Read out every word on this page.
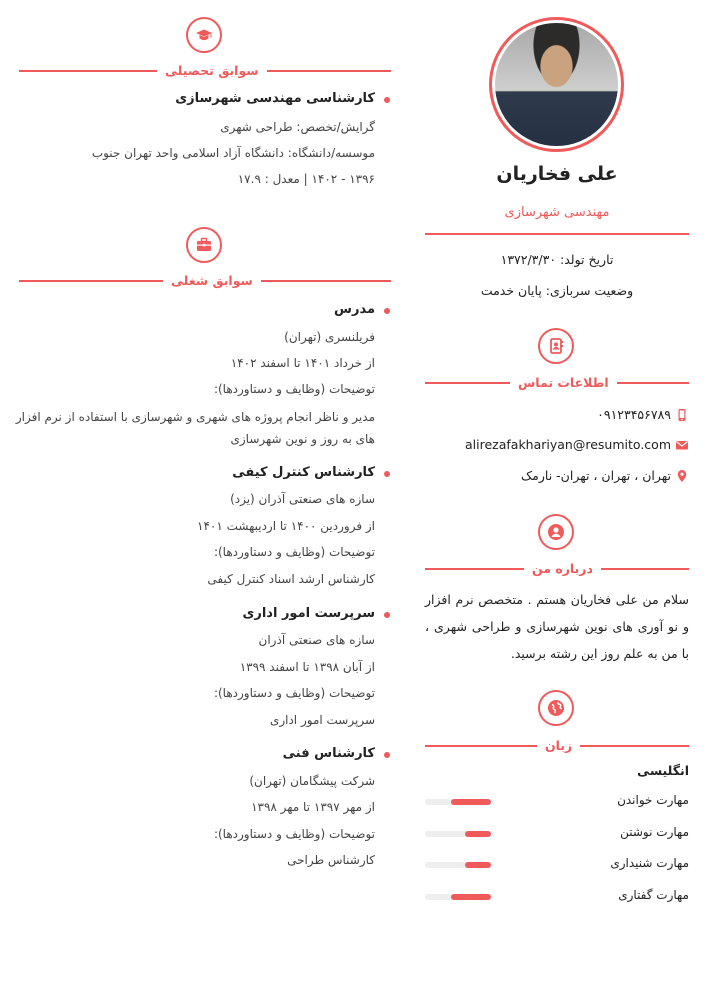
علی فخاریان
مهندسی شهرسازی
تاریخ تولد: ۱۳۷۲/۳/۳۰
وضعیت سربازی: پایان خدمت
اطلاعات تماس
۰۹۱۲۳۴۵۶۷۸۹
alirezafakhariyan@resumito.com
تهران ، تهران ، تهران- نارمک
درباره من
سلام من علی فخاریان هستم . متخصص نرم افزار و نو آوری های نوین شهرسازی و طراحی شهری ، با من به علم روز این رشته برسید.
زبان
انگلیسی
مهارت خواندن
مهارت نوشتن
مهارت شنیداری
مهارت گفتاری
سوابق تحصیلی
کارشناسی مهندسی شهرسازی
گرایش/تخصص: طراحی شهری
موسسه/دانشگاه: دانشگاه آزاد اسلامی واحد تهران جنوب
۱۳۹۶ - ۱۴۰۲ | معدل : ۱۷.۹
سوابق شغلی
مدرس
فریلنسری (تهران)
از خرداد ۱۴۰۱ تا اسفند ۱۴۰۲
توضیحات (وظایف و دستاوردها):
مدیر و ناظر انجام پروژه های شهری و شهرسازی با استفاده از نرم افزار های به روز و نوین شهرسازی
کارشناس کنترل کیفی
سازه های صنعتی آذران (یزد)
از فروردین ۱۴۰۰ تا اردیبهشت ۱۴۰۱
توضیحات (وظایف و دستاوردها):
کارشناس ارشد اسناد کنترل کیفی
سرپرست امور اداری
سازه های صنعتی آذران
از آبان ۱۳۹۸ تا اسفند ۱۳۹۹
توضیحات (وظایف و دستاوردها):
سرپرست امور اداری
کارشناس فنی
شرکت پیشگامان (تهران)
از مهر ۱۳۹۷ تا مهر ۱۳۹۸
توضیحات (وظایف و دستاوردها):
کارشناس طراحی
